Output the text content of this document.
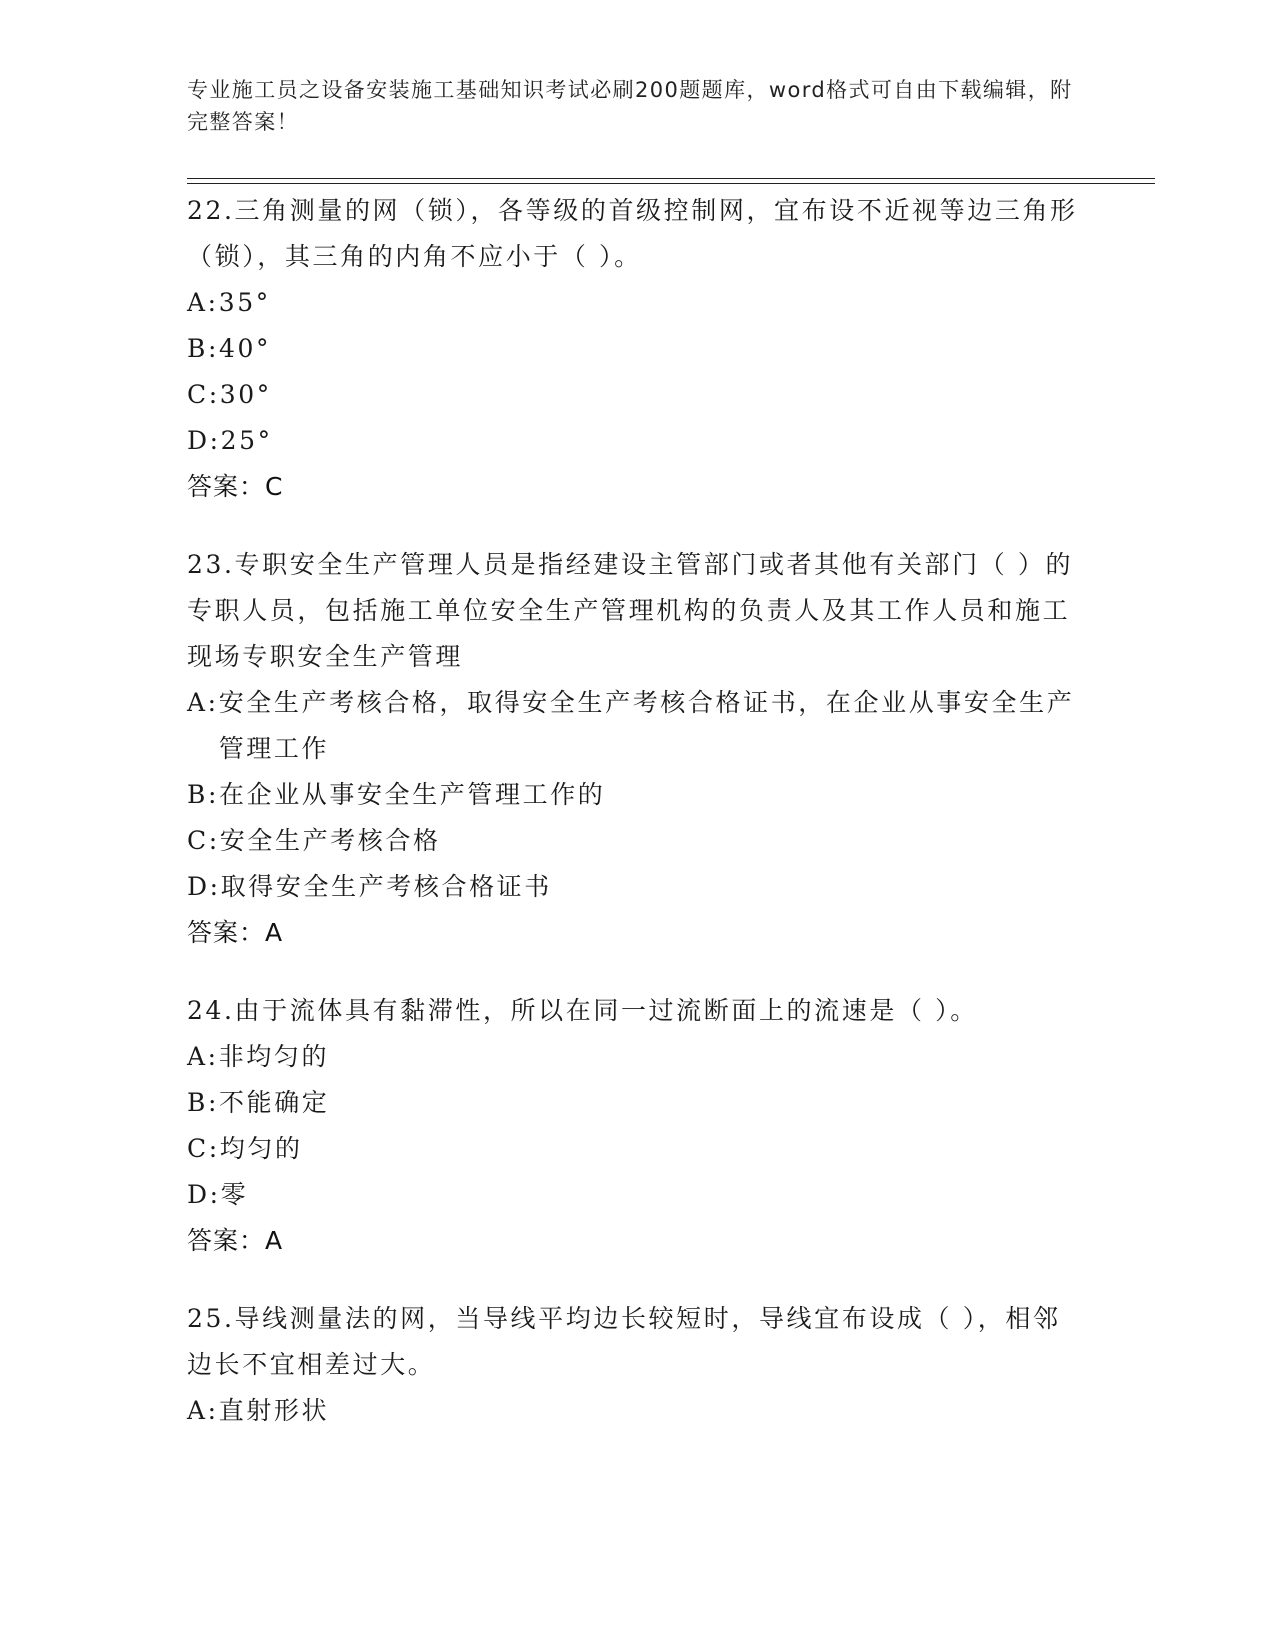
专业施工员之设备安装施工基础知识考试必刷200题题库，word格式可自由下载编辑，附完整答案！
22.三角测量的网（锁），各等级的首级控制网，宜布设不近视等边三角形（锁），其三角的内角不应小于（ ）。
A: 35°
B: 40°
C: 30°
D: 25°
答案：C
23.专职安全生产管理人员是指经建设主管部门或者其他有关部门（ ）的专职人员，包括施工单位安全生产管理机构的负责人及其工作人员和施工现场专职安全生产管理
A: 安全生产考核合格，取得安全生产考核合格证书，在企业从事安全生产管理工作
B: 在企业从事安全生产管理工作的
C: 安全生产考核合格
D: 取得安全生产考核合格证书
答案：A
24.由于流体具有黏滞性，所以在同一过流断面上的流速是（ ）。
A: 非均匀的
B: 不能确定
C: 均匀的
D: 零
答案：A
25.导线测量法的网，当导线平均边长较短时，导线宜布设成（ ），相邻边长不宜相差过大。
A: 直射形状
